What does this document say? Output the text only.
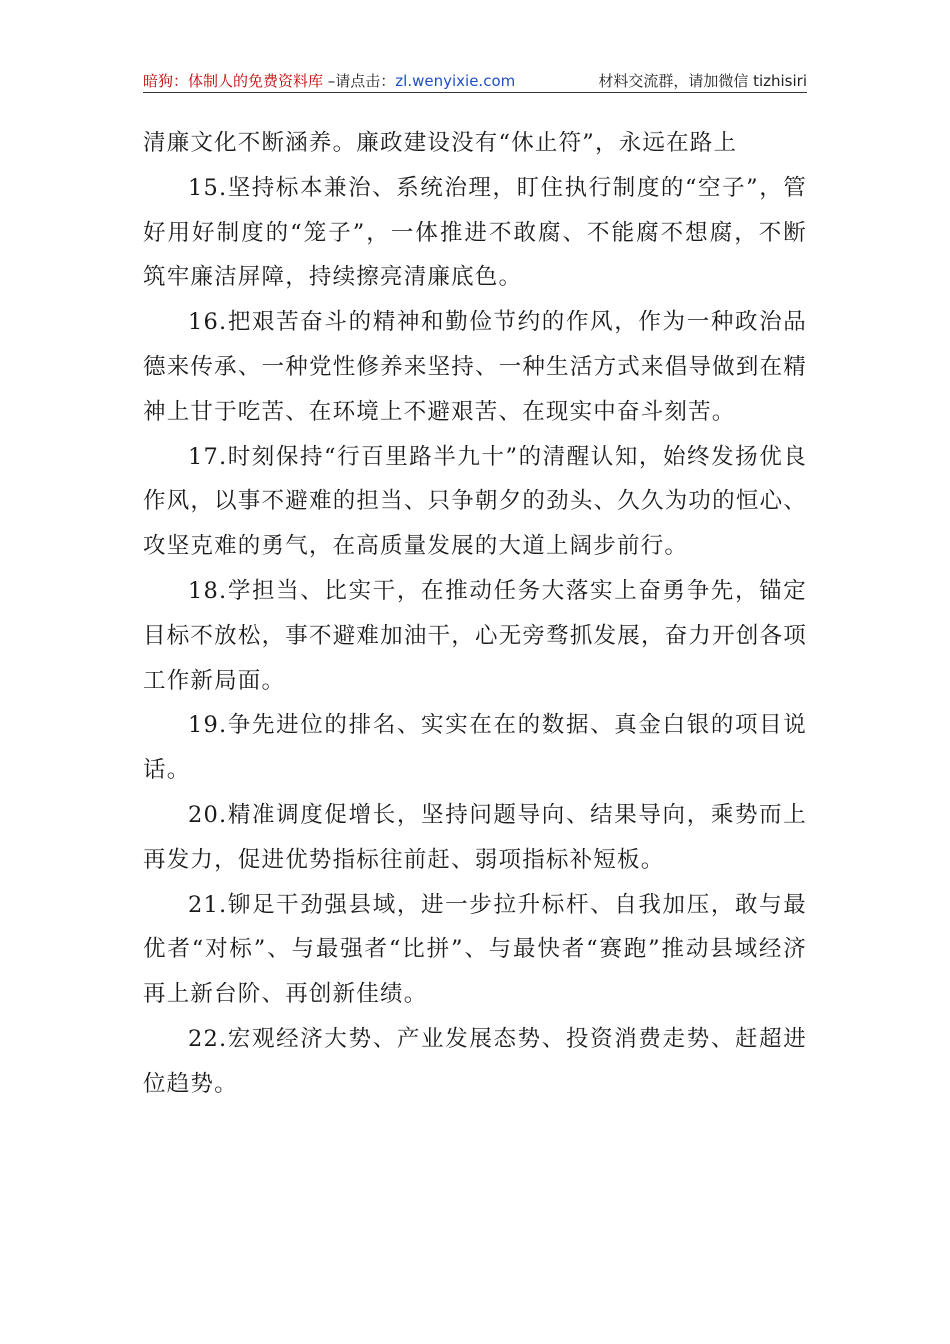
暗狗：体制人的免费资料库 –请点击：zl.wenyixie.com	材料交流群，请加微信 tizhisiri

清廉文化不断涵养。廉政建设没有“休止符”，永远在路上

15.坚持标本兼治、系统治理，盯住执行制度的“空子”，管好用好制度的“笼子”，一体推进不敢腐、不能腐不想腐，不断筑牢廉洁屏障，持续擦亮清廉底色。

16.把艰苦奋斗的精神和勤俭节约的作风，作为一种政治品德来传承、一种党性修养来坚持、一种生活方式来倡导做到在精神上甘于吃苦、在环境上不避艰苦、在现实中奋斗刻苦。

17.时刻保持“行百里路半九十”的清醒认知，始终发扬优良作风，以事不避难的担当、只争朝夕的劲头、久久为功的恒心、攻坚克难的勇气，在高质量发展的大道上阔步前行。

18.学担当、比实干，在推动任务大落实上奋勇争先，锚定目标不放松，事不避难加油干，心无旁骛抓发展，奋力开创各项工作新局面。

19.争先进位的排名、实实在在的数据、真金白银的项目说话。

20.精准调度促增长，坚持问题导向、结果导向，乘势而上再发力，促进优势指标往前赶、弱项指标补短板。

21.铆足干劲强县域，进一步拉升标杆、自我加压，敢与最优者“对标”、与最强者“比拼”、与最快者“赛跑”推动县域经济再上新台阶、再创新佳绩。

22.宏观经济大势、产业发展态势、投资消费走势、赶超进位趋势。
